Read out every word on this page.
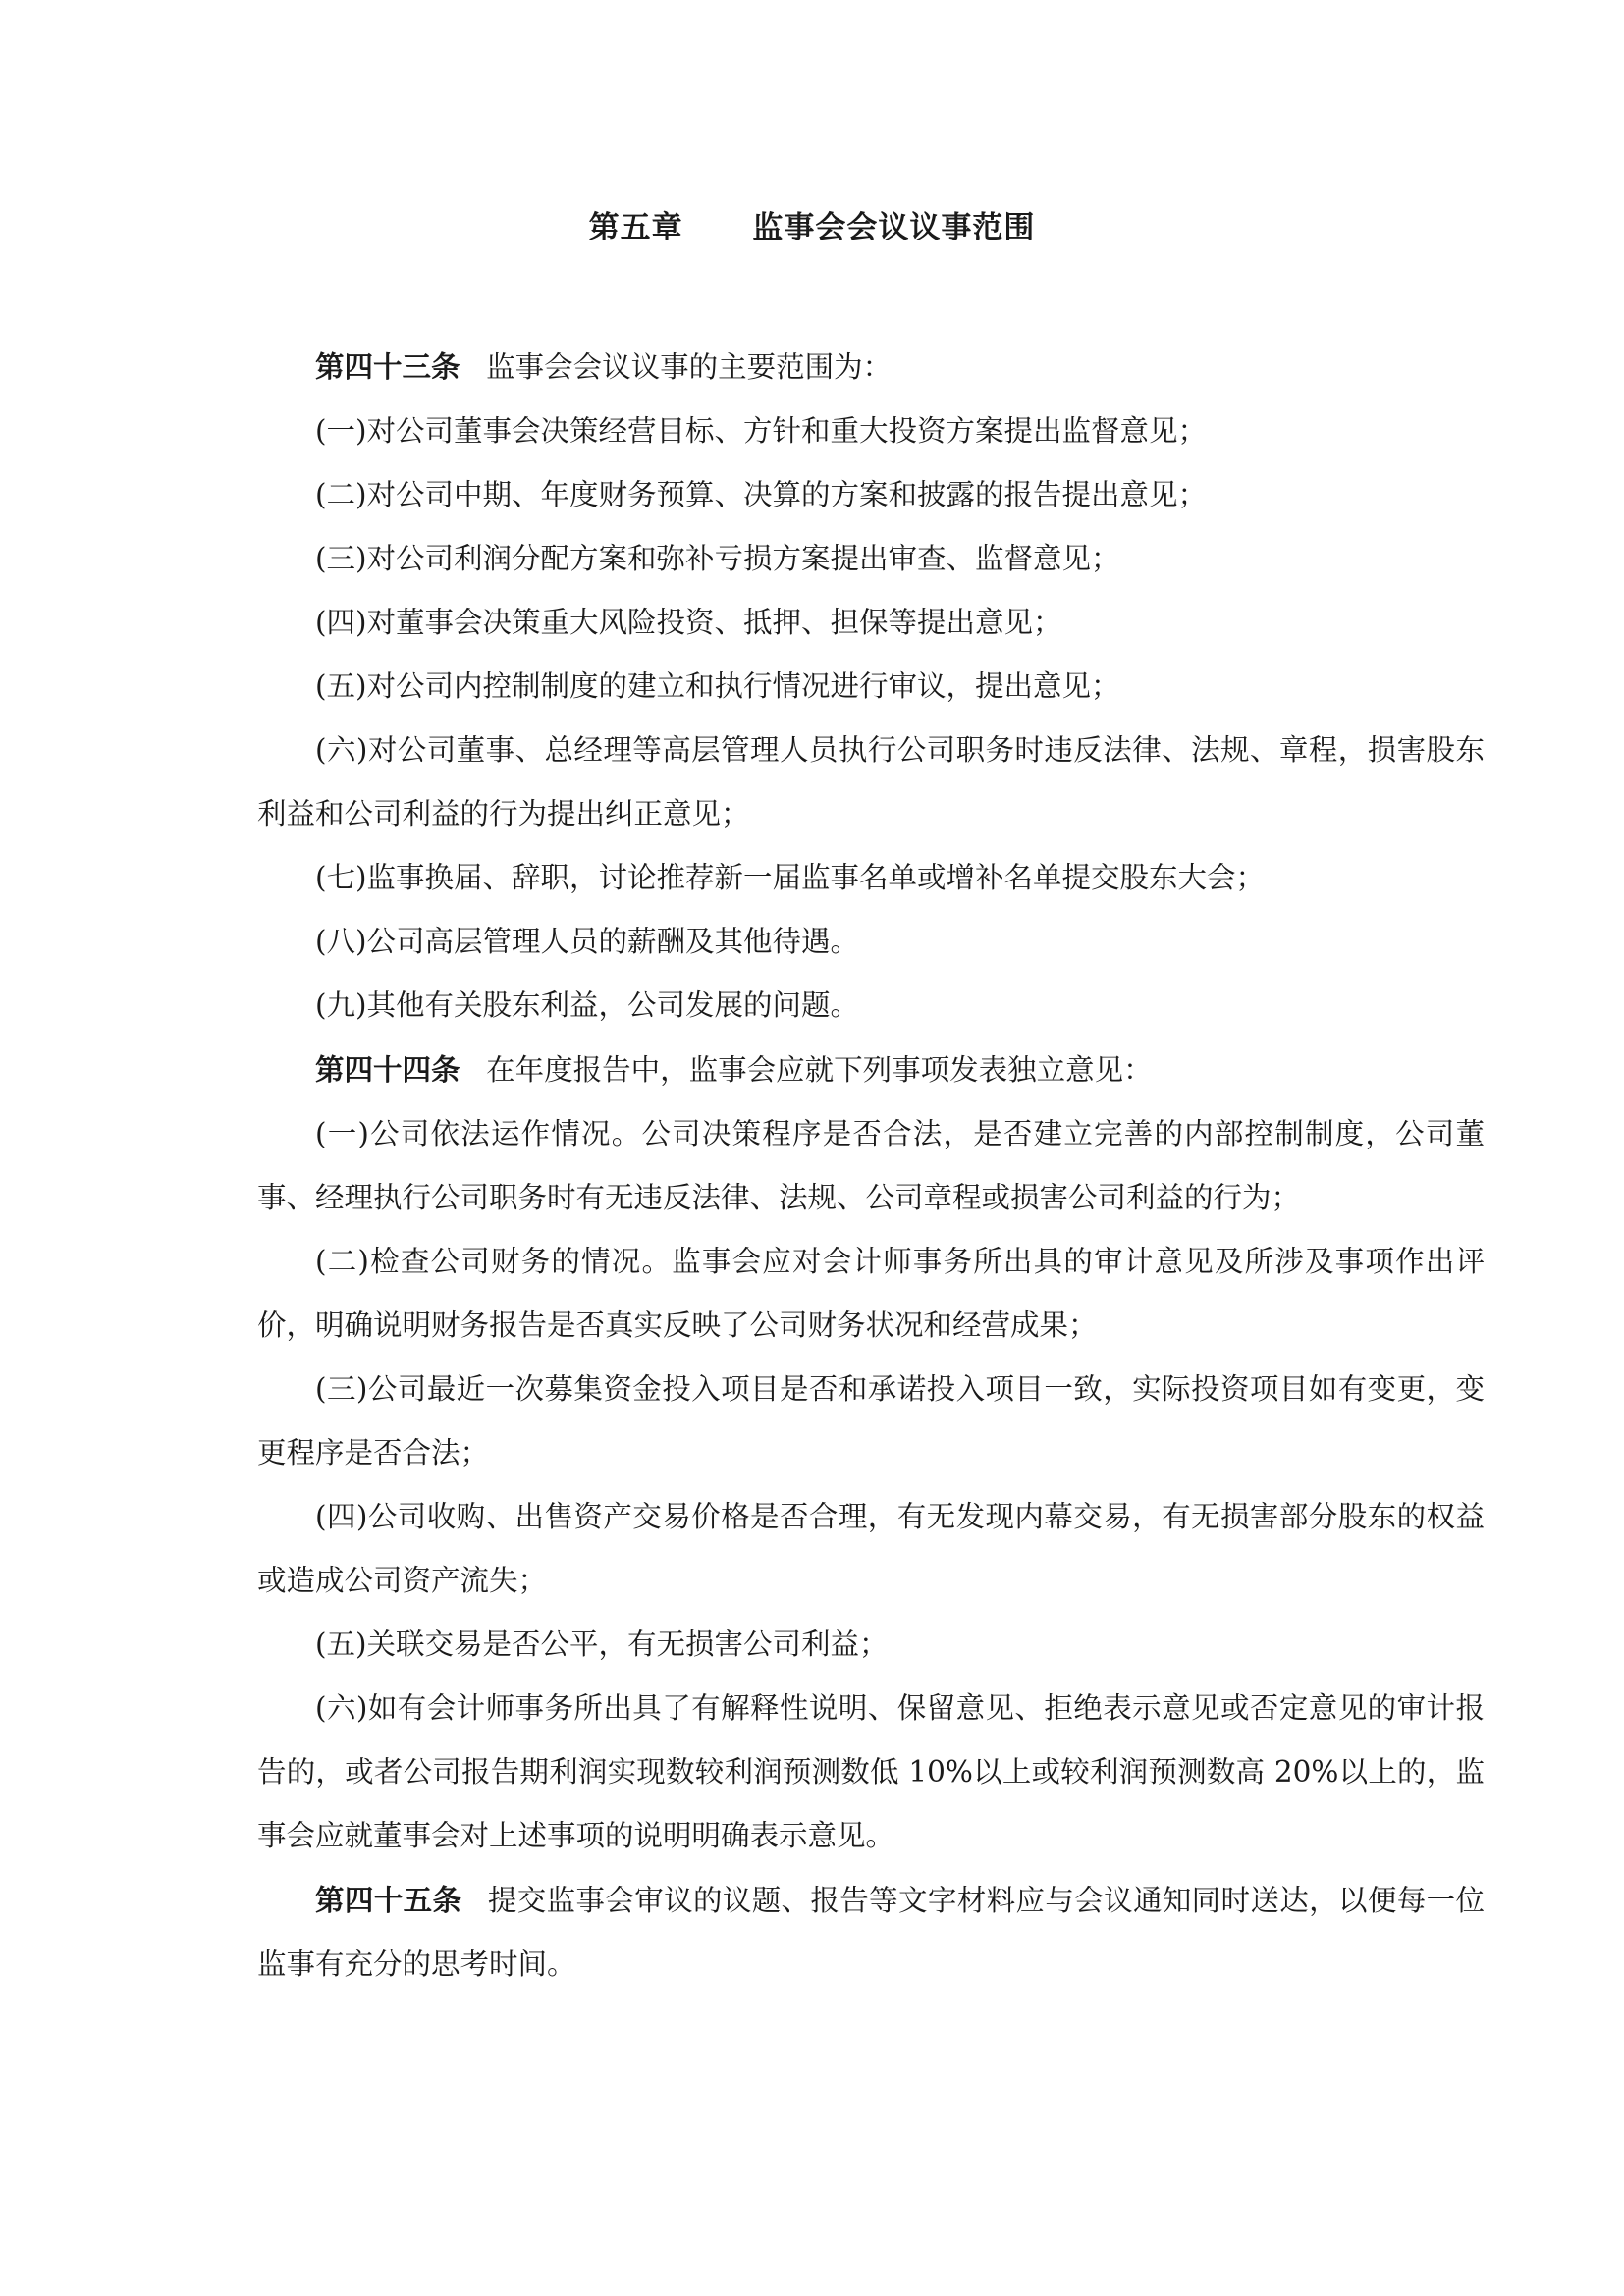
第五章 监事会会议议事范围

第四十三条 监事会会议议事的主要范围为：

(一)对公司董事会决策经营目标、方针和重大投资方案提出监督意见；

(二)对公司中期、年度财务预算、决算的方案和披露的报告提出意见；

(三)对公司利润分配方案和弥补亏损方案提出审查、监督意见；

(四)对董事会决策重大风险投资、抵押、担保等提出意见；

(五)对公司内控制制度的建立和执行情况进行审议，提出意见；

(六)对公司董事、总经理等高层管理人员执行公司职务时违反法律、法规、章程，损害股东利益和公司利益的行为提出纠正意见；

(七)监事换届、辞职，讨论推荐新一届监事名单或增补名单提交股东大会；

(八)公司高层管理人员的薪酬及其他待遇。

(九)其他有关股东利益，公司发展的问题。

第四十四条 在年度报告中，监事会应就下列事项发表独立意见：

(一)公司依法运作情况。公司决策程序是否合法，是否建立完善的内部控制制度，公司董事、经理执行公司职务时有无违反法律、法规、公司章程或损害公司利益的行为；

(二)检查公司财务的情况。监事会应对会计师事务所出具的审计意见及所涉及事项作出评价，明确说明财务报告是否真实反映了公司财务状况和经营成果；

(三)公司最近一次募集资金投入项目是否和承诺投入项目一致，实际投资项目如有变更，变更程序是否合法；

(四)公司收购、出售资产交易价格是否合理，有无发现内幕交易，有无损害部分股东的权益或造成公司资产流失；

(五)关联交易是否公平，有无损害公司利益；

(六)如有会计师事务所出具了有解释性说明、保留意见、拒绝表示意见或否定意见的审计报告的，或者公司报告期利润实现数较利润预测数低 10%以上或较利润预测数高 20%以上的，监事会应就董事会对上述事项的说明明确表示意见。

第四十五条 提交监事会审议的议题、报告等文字材料应与会议通知同时送达，以便每一位监事有充分的思考时间。
